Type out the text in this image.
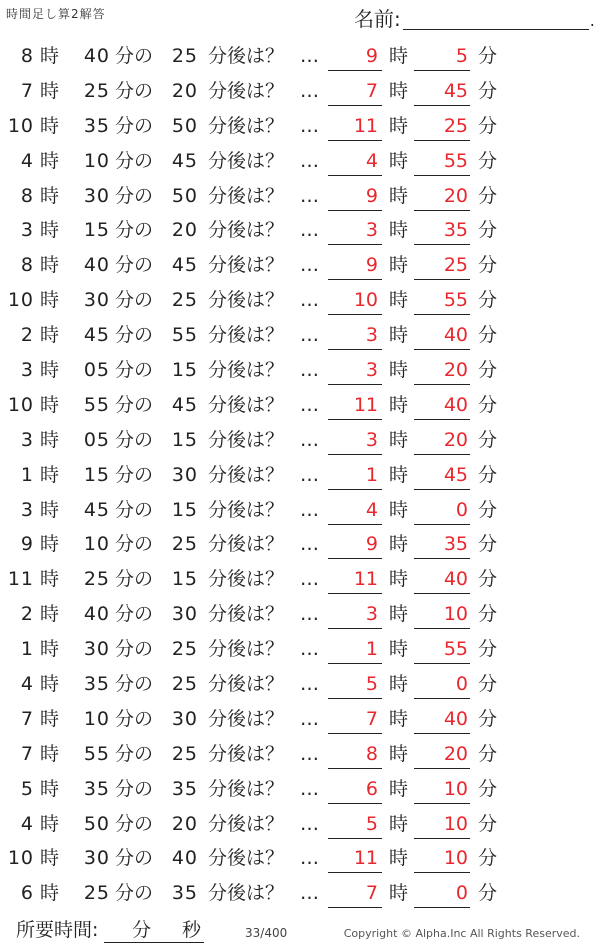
時間足し算2解答	名前:	.
8 時	40 分の 25 分後は？ …	9 時	5 分
7 時	25 分の 20 分後は？ …	7 時	45 分
10 時	35 分の 50 分後は？ …	11 時	25 分
4 時	10 分の 45 分後は？ …	4 時	55 分
8 時	30 分の 50 分後は？ …	9 時	20 分
3 時	15 分の 20 分後は？ …	3 時	35 分
8 時	40 分の 45 分後は？ …	9 時	25 分
10 時	30 分の 25 分後は？ …	10 時	55 分
2 時	45 分の 55 分後は？ …	3 時	40 分
3 時	05 分の 15 分後は？ …	3 時	20 分
10 時	55 分の 45 分後は？ …	11 時	40 分
3 時	05 分の 15 分後は？ …	3 時	20 分
1 時	15 分の 30 分後は？ …	1 時	45 分
3 時	45 分の 15 分後は？ …	4 時	0 分
9 時	10 分の 25 分後は？ …	9 時	35 分
11 時	25 分の 15 分後は？ …	11 時	40 分
2 時	40 分の 30 分後は？ …	3 時	10 分
1 時	30 分の 25 分後は？ …	1 時	55 分
4 時	35 分の 25 分後は？ …	5 時	0 分
7 時	10 分の 30 分後は？ …	7 時	40 分
7 時	55 分の 25 分後は？ …	8 時	20 分
5 時	35 分の 35 分後は？ …	6 時	10 分
4 時	50 分の 20 分後は？ …	5 時	10 分
10 時	30 分の 40 分後は？ …	11 時	10 分
6 時	25 分の 35 分後は？ …	7 時	0 分
所要時間: 分 秒	33/400	Copyright © Alpha.Inc All Rights Reserved.
